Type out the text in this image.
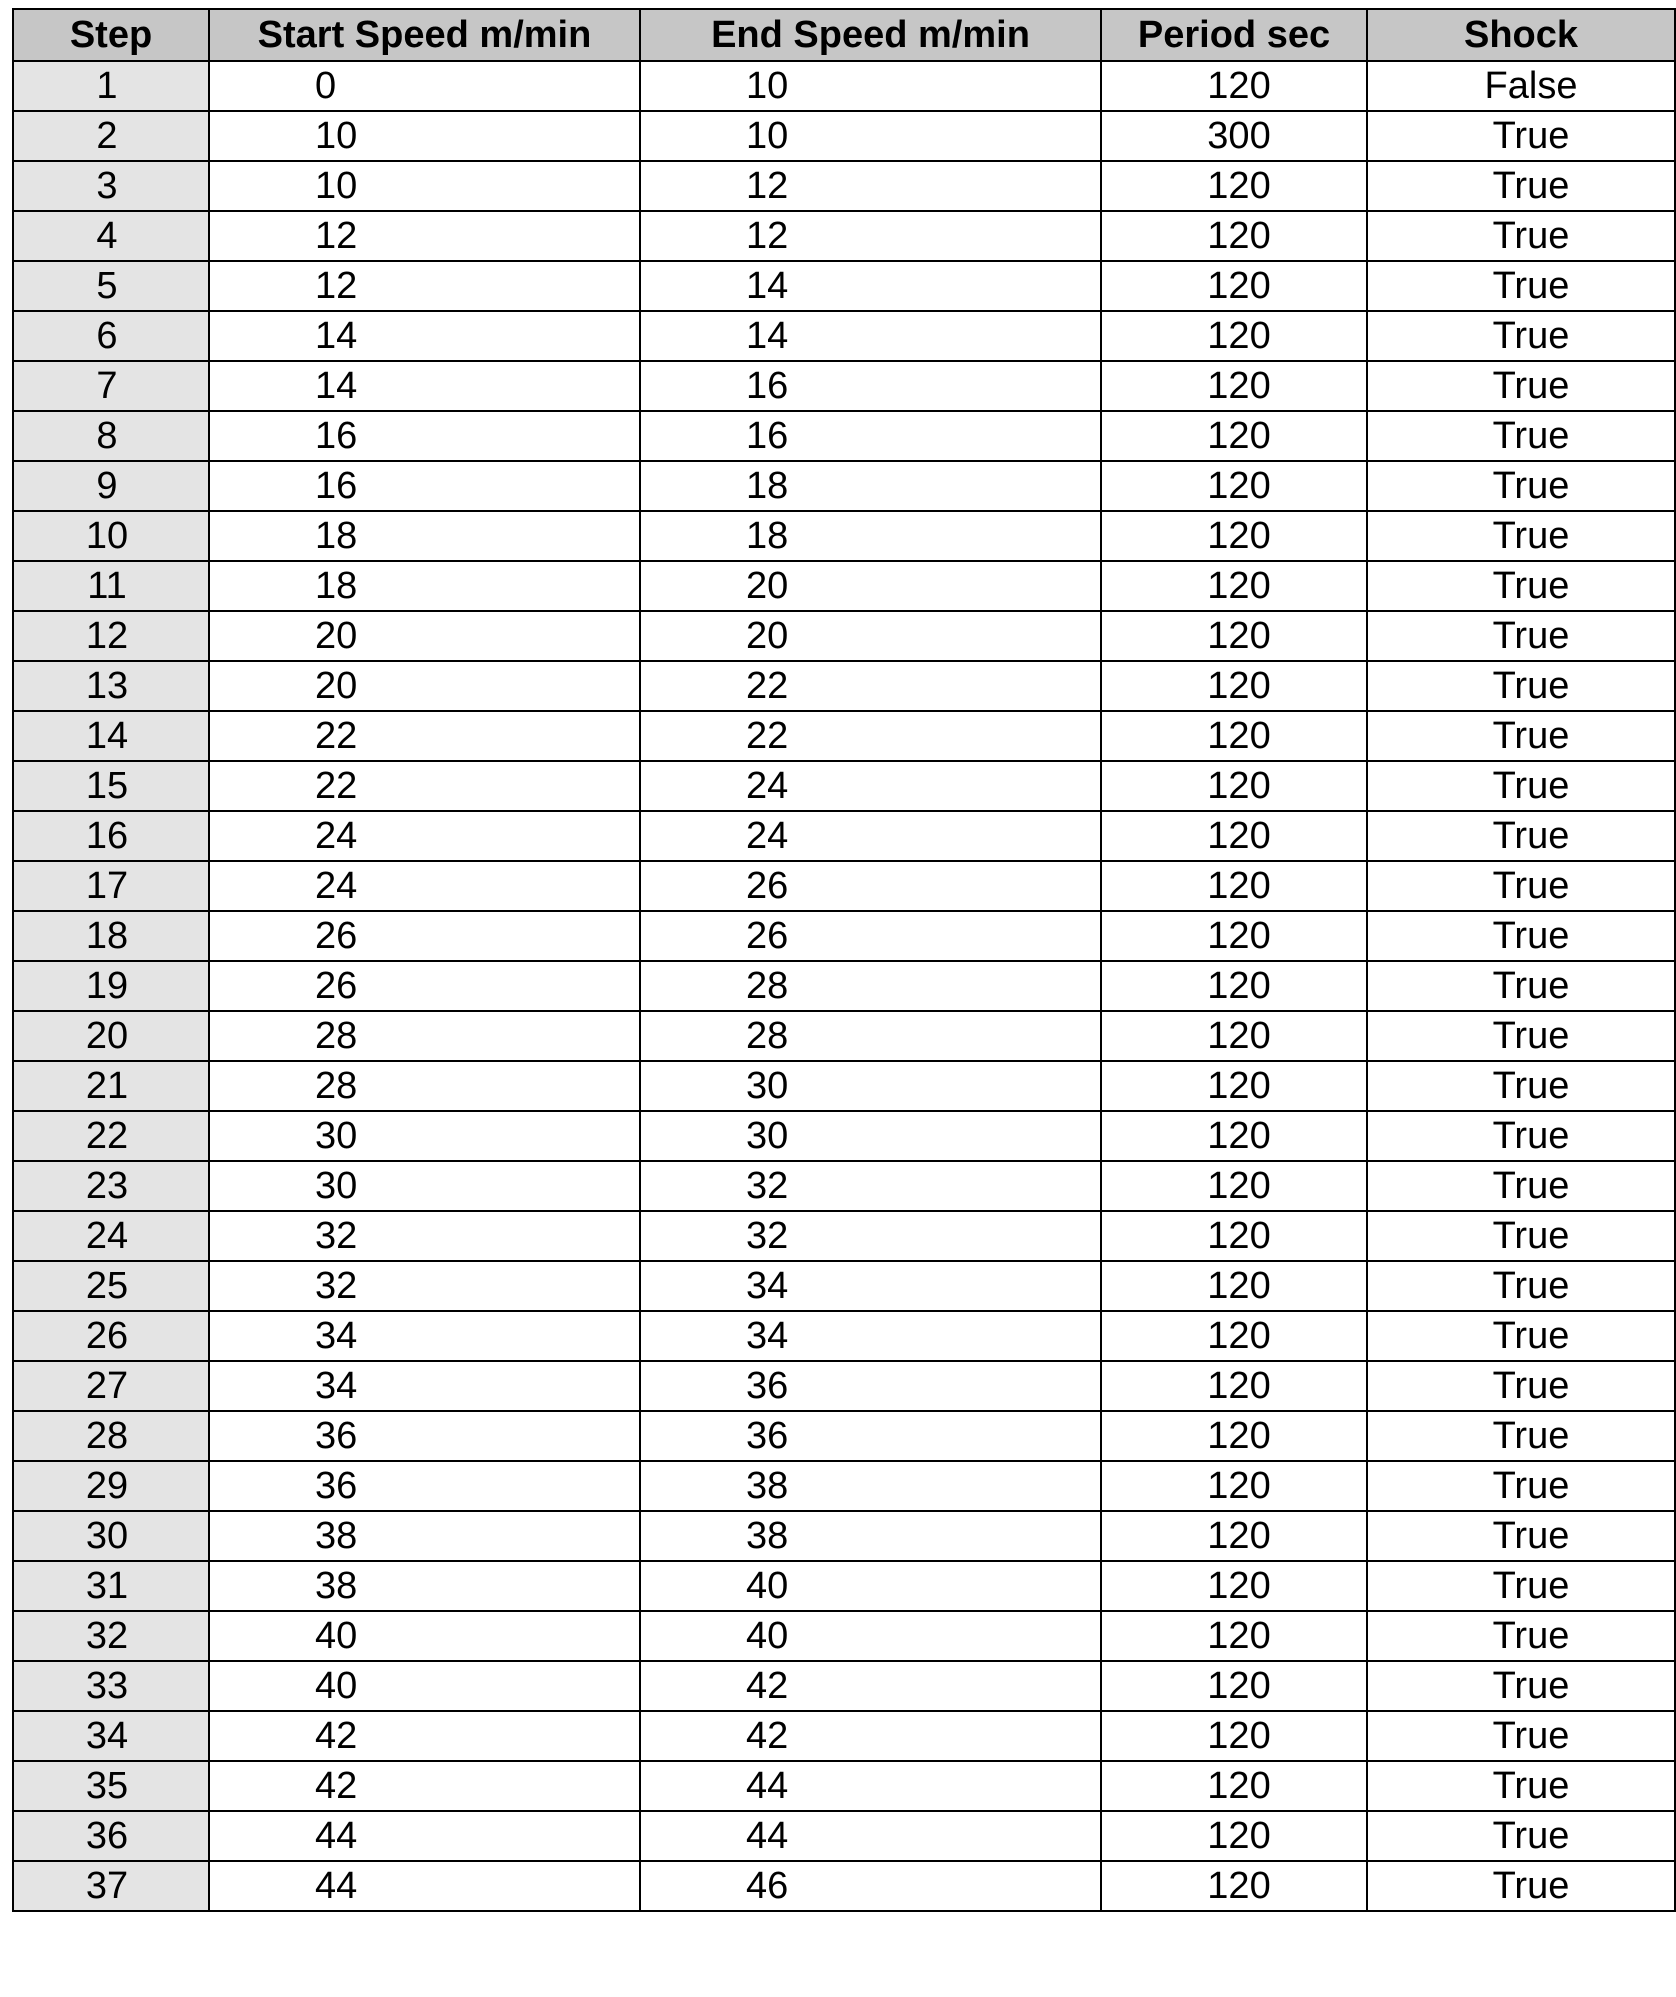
Step	Start Speed m/min	End Speed m/min	Period sec	Shock
1	0	10	120	False
2	10	10	300	True
3	10	12	120	True
4	12	12	120	True
5	12	14	120	True
6	14	14	120	True
7	14	16	120	True
8	16	16	120	True
9	16	18	120	True
10	18	18	120	True
11	18	20	120	True
12	20	20	120	True
13	20	22	120	True
14	22	22	120	True
15	22	24	120	True
16	24	24	120	True
17	24	26	120	True
18	26	26	120	True
19	26	28	120	True
20	28	28	120	True
21	28	30	120	True
22	30	30	120	True
23	30	32	120	True
24	32	32	120	True
25	32	34	120	True
26	34	34	120	True
27	34	36	120	True
28	36	36	120	True
29	36	38	120	True
30	38	38	120	True
31	38	40	120	True
32	40	40	120	True
33	40	42	120	True
34	42	42	120	True
35	42	44	120	True
36	44	44	120	True
37	44	46	120	True
